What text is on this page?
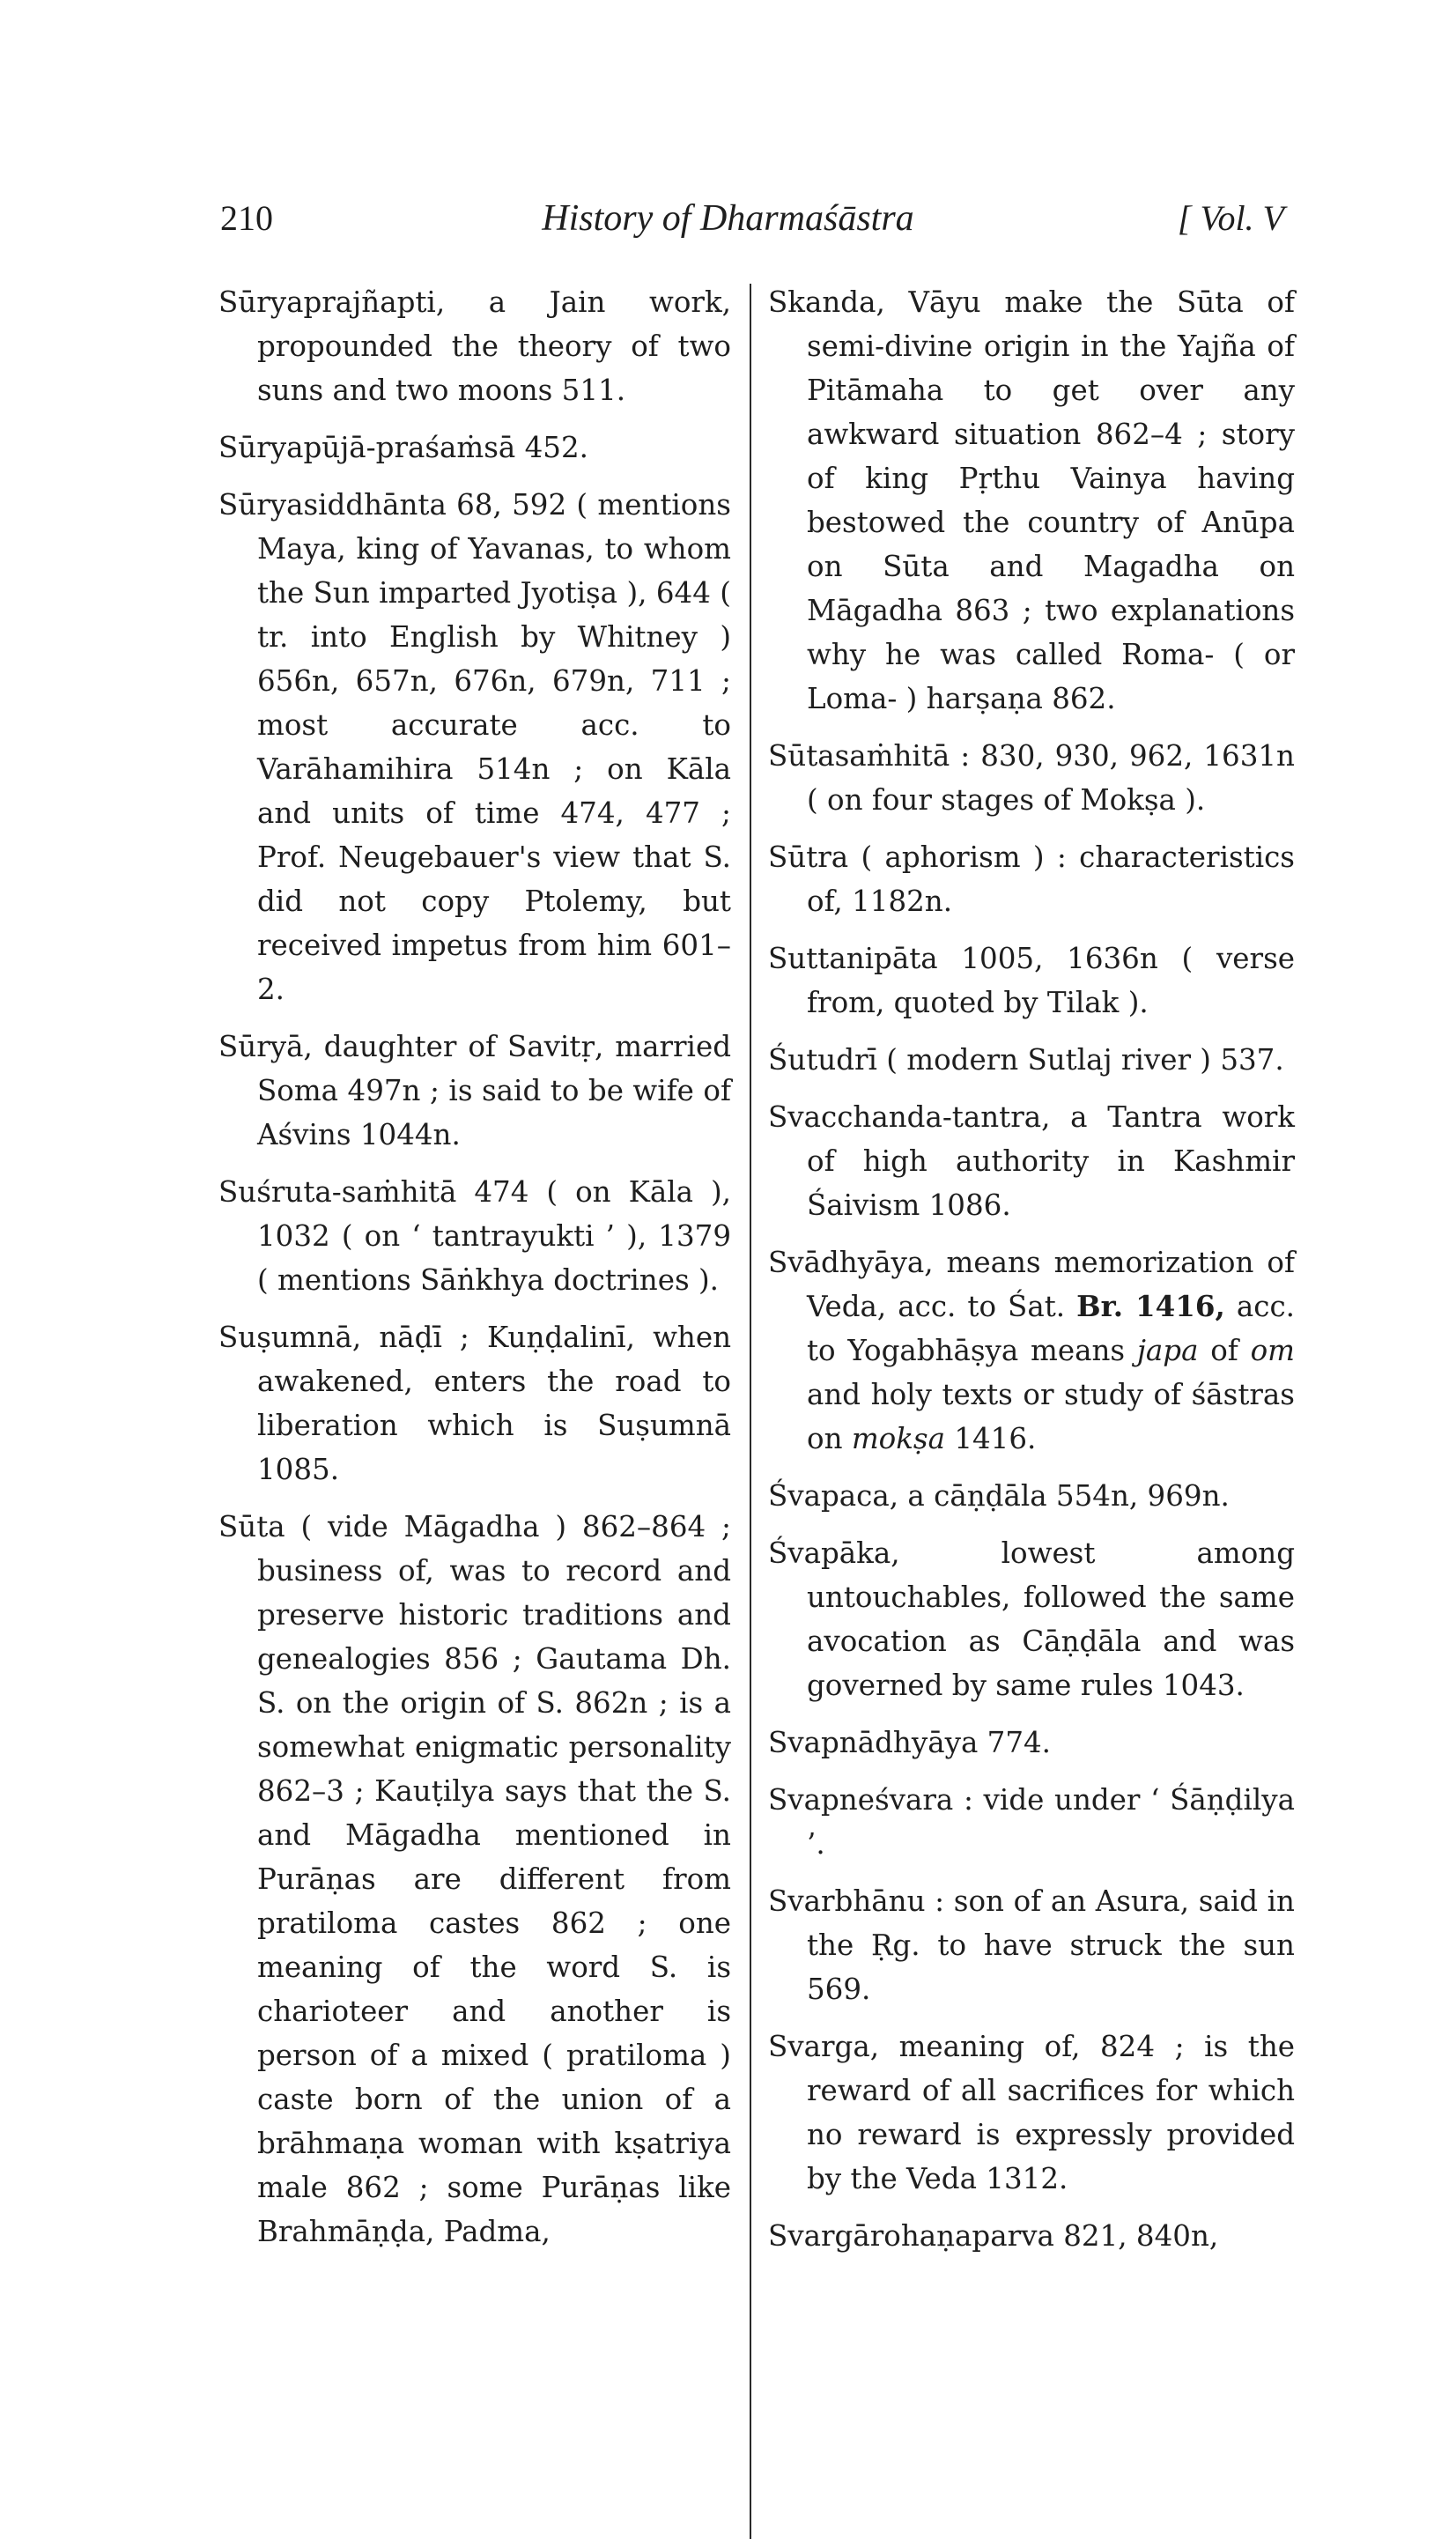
210	History of Dharmaśāstra	[ Vol. V

Sūryaprajñapti, a Jain work, propounded the theory of two suns and two moons 511.

Sūryapūjā-praśaṁsā 452.

Sūryasiddhānta 68, 592 ( mentions Maya, king of Yavanas, to whom the Sun imparted Jyotiṣa ), 644 ( tr. into English by Whitney ) 656n, 657n, 676n, 679n, 711 ; most accurate acc. to Varāhamihira 514n ; on Kāla and units of time 474, 477 ; Prof. Neugebauer's view that S. did not copy Ptolemy, but received impetus from him 601–2.

Sūryā, daughter of Savitṛ, married Soma 497n ; is said to be wife of Aśvins 1044n.

Suśruta-saṁhitā 474 ( on Kāla ), 1032 ( on ‘ tantrayukti ’ ), 1379 ( mentions Sāṅkhya doctrines ).

Suṣumnā, nāḍī ; Kuṇḍalinī, when awakened, enters the road to liberation which is Suṣumnā 1085.

Sūta ( vide Māgadha ) 862–864 ; business of, was to record and preserve historic traditions and genealogies 856 ; Gautama Dh. S. on the origin of S. 862n ; is a somewhat enigmatic personality 862–3 ; Kauṭilya says that the S. and Māgadha mentioned in Purāṇas are different from pratiloma castes 862 ; one meaning of the word S. is charioteer and another is person of a mixed ( pratiloma ) caste born of the union of a brāhmaṇa woman with kṣatriya male 862 ; some Purāṇas like Brahmāṇḍa, Padma,

Skanda, Vāyu make the Sūta of semi-divine origin in the Yajña of Pitāmaha to get over any awkward situation 862–4 ; story of king Pṛthu Vainya having bestowed the country of Anūpa on Sūta and Magadha on Māgadha 863 ; two explanations why he was called Roma- ( or Loma- ) harṣaṇa 862.

Sūtasaṁhitā : 830, 930, 962, 1631n ( on four stages of Mokṣa ).

Sūtra ( aphorism ) : characteristics of, 1182n.

Suttanipāta 1005, 1636n ( verse from, quoted by Tilak ).

Śutudrī ( modern Sutlaj river ) 537.

Svacchanda-tantra, a Tantra work of high authority in Kashmir Śaivism 1086.

Svādhyāya, means memorization of Veda, acc. to Śat. Br. 1416, acc. to Yogabhāṣya means japa of om and holy texts or study of śāstras on mokṣa 1416.

Śvapaca, a cāṇḍāla 554n, 969n.

Śvapāka, lowest among untouchables, followed the same avocation as Cāṇḍāla and was governed by same rules 1043.

Svapnādhyāya 774.

Svapneśvara : vide under ‘ Śāṇḍilya ’.

Svarbhānu : son of an Asura, said in the Ṛg. to have struck the sun 569.

Svarga, meaning of, 824 ; is the reward of all sacrifices for which no reward is expressly provided by the Veda 1312.

Svargārohaṇaparva 821, 840n,
